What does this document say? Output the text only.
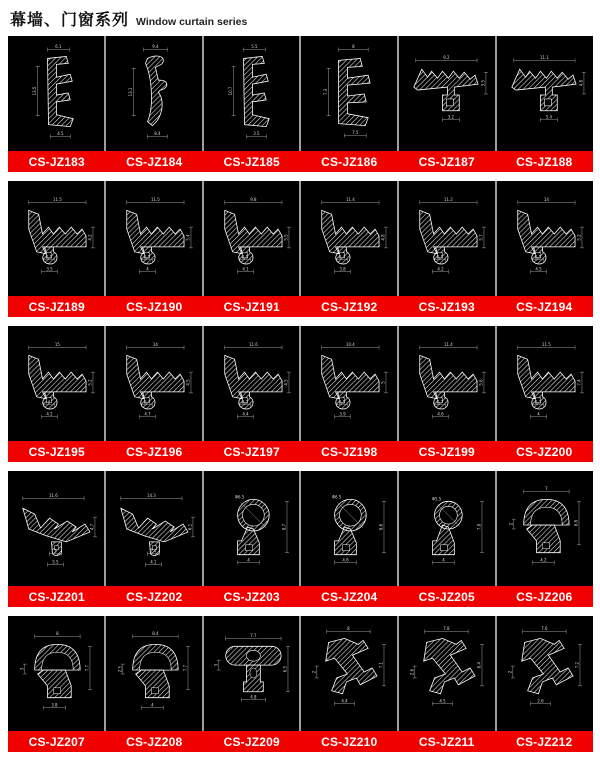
幕墙、门窗系列 Window curtain series
6.1
13.5
4.5
9.4
13.1
8.4
5.5
10.7
3.5
8
7.3
7.5
9.2
3.5
3.2
11.1
4.8
5.4
CS-JZ183	CS-JZ184	CS-JZ185	CS-JZ186	CS-JZ187	CS-JZ188
11.5
4.2
2.5
3.5
11.5
5.4
2.5
4
9.8
5.5
2.5
4.1
11.4
4.8
2.4
3.8
11.2
5.7
2.5
4.2
14
5.2
2.5
4.5
CS-JZ189	CS-JZ190	CS-JZ191	CS-JZ192	CS-JZ193	CS-JZ194
15
5.2
4
4.2
14
4.5
2.4
4.7
11.6
4.5
3.2
4.4
10.4
5
2.5
3.9
11.4
5.6
2.7
4.6
11.5
7.4
2.3
4
CS-JZ195	CS-JZ196	CS-JZ197	CS-JZ198	CS-JZ199	CS-JZ200
11.6
4.7
3
5.5
14.3
6.1
2.4
4.1
Φ6.5
8.7
4
Φ6.5
8.6
4.6
Φ5.5
7.8
4
7
6.8
2
4.2
CS-JZ201	CS-JZ202	CS-JZ203	CS-JZ204	CS-JZ205	CS-JZ206
8
7.7
3
3.8
8.4
7.7
2.5
4
7.7
6.5
3
4.8
8
7.1
2
4.4
7.8
6.4
2.6
4.5
7.6
7.2
2
2.6
CS-JZ207	CS-JZ208	CS-JZ209	CS-JZ210	CS-JZ211	CS-JZ212
